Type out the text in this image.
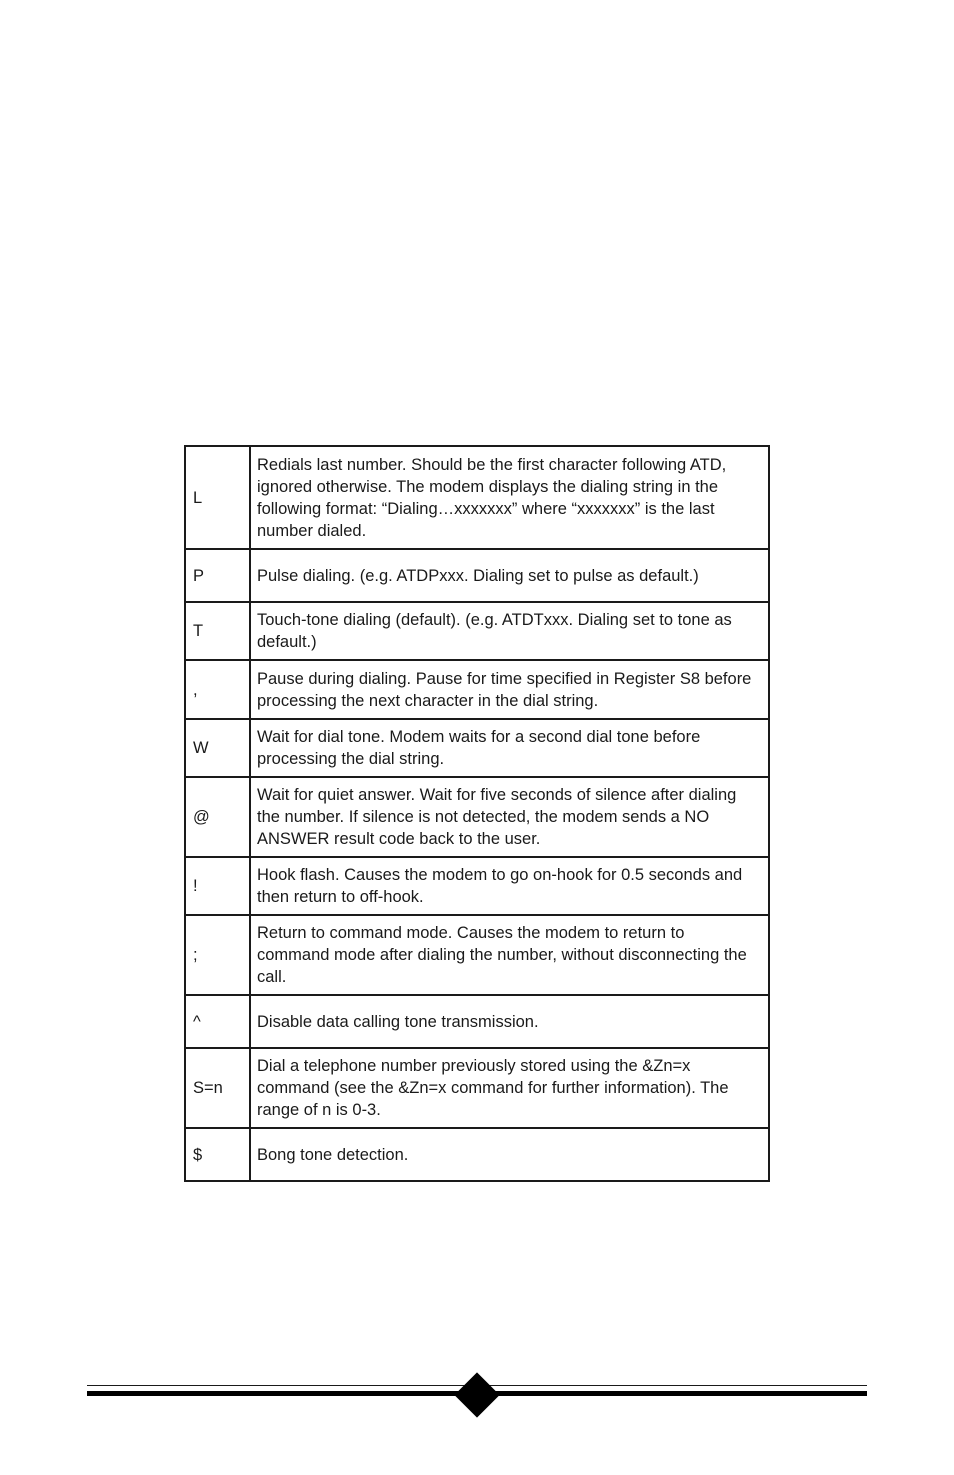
L	Redials last number. Should be the first character following ATD, ignored otherwise. The modem displays the dialing string in the following format: “Dialing…xxxxxxx” where “xxxxxxx” is the last number dialed.
P	Pulse dialing. (e.g. ATDPxxx. Dialing set to pulse as default.)
T	Touch-tone dialing (default). (e.g. ATDTxxx. Dialing set to tone as default.)
,	Pause during dialing. Pause for time specified in Register S8 before processing the next character in the dial string.
W	Wait for dial tone. Modem waits for a second dial tone before processing the dial string.
@	Wait for quiet answer. Wait for five seconds of silence after dialing the number. If silence is not detected, the modem sends a NO ANSWER result code back to the user.
!	Hook flash. Causes the modem to go on-hook for 0.5 seconds and then return to off-hook.
;	Return to command mode. Causes the modem to return to command mode after dialing the number, without disconnecting the call.
^	Disable data calling tone transmission.
S=n	Dial a telephone number previously stored using the &Zn=x command (see the &Zn=x command for further information). The range of n is 0-3.
$	Bong tone detection.
